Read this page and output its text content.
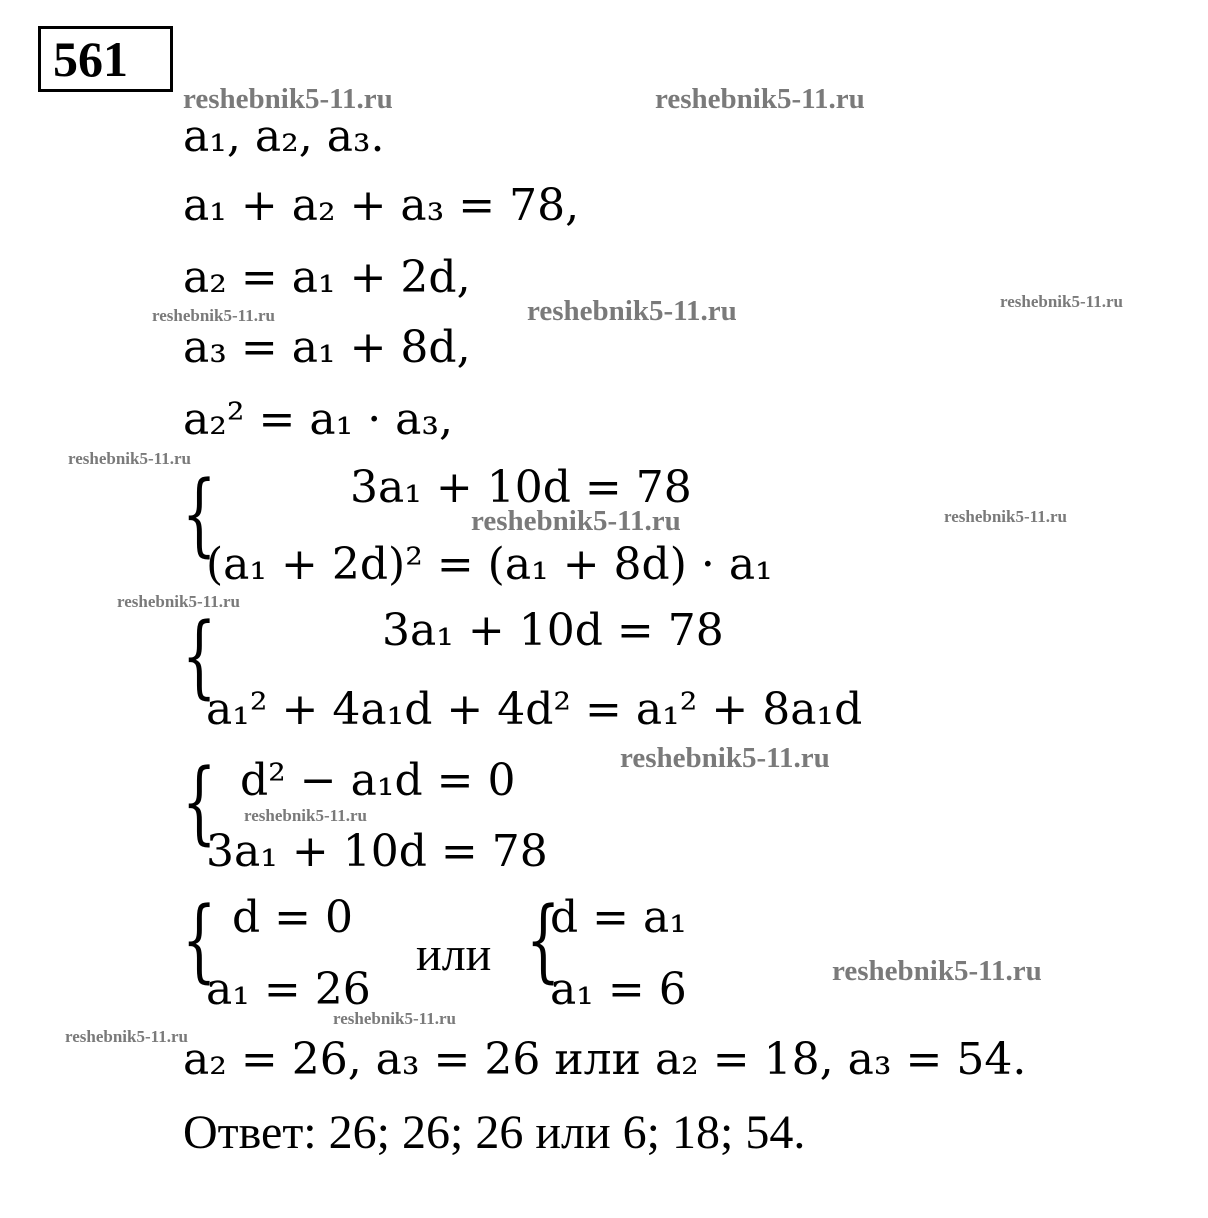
561
reshebnik5-11.ru	reshebnik5-11.ru
reshebnik5-11.ru	reshebnik5-11.ru	reshebnik5-11.ru
reshebnik5-11.ru
reshebnik5-11.ru	reshebnik5-11.ru
reshebnik5-11.ru
reshebnik5-11.ru
reshebnik5-11.ru
reshebnik5-11.ru
reshebnik5-11.ru
reshebnik5-11.ru
a₁, a₂, a₃.
a₁ + a₂ + a₃ = 78,
a₂ = a₁ + 2d,
a₃ = a₁ + 8d,
a₂² = a₁ · a₃,
{	3a₁ + 10d = 78
(a₁ + 2d)² = (a₁ + 8d) · a₁
{	3a₁ + 10d = 78
a₁² + 4a₁d + 4d² = a₁² + 8a₁d
{ d² − a₁d = 0
3a₁ + 10d = 78
{ d = 0
a₁ = 26
или {
d = a₁
a₁ = 6
a₂ = 26, a₃ = 26 или a₂ = 18, a₃ = 54.
Ответ: 26; 26; 26 или 6; 18; 54.
